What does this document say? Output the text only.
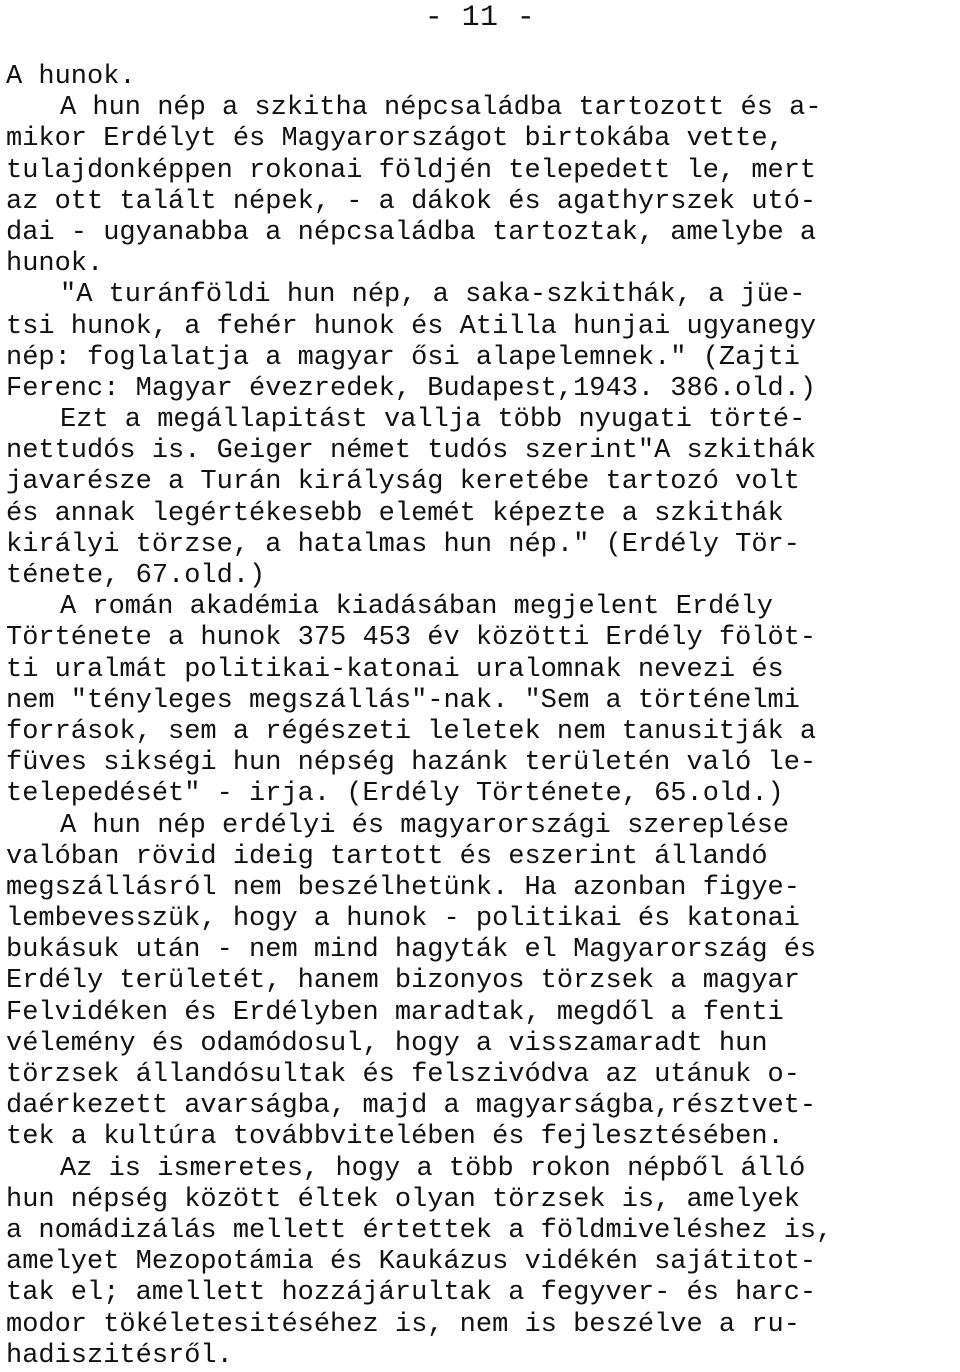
- 11 -
A hunok.
A hun nép a szkitha népcsaládba tartozott és a-
mikor Erdélyt és Magyarországot birtokába vette,
tulajdonképpen rokonai földjén telepedett le, mert
az ott talált népek, - a dákok és agathyrszek utó-
dai - ugyanabba a népcsaládba tartoztak, amelybe a
hunok.
"A turánföldi hun nép, a saka-szkithák, a jüe-
tsi hunok, a fehér hunok és Atilla hunjai ugyanegy
nép: foglalatja a magyar ősi alapelemnek." (Zajti
Ferenc: Magyar évezredek, Budapest,1943. 386.old.)
Ezt a megállapitást vallja több nyugati törté-
nettudós is. Geiger német tudós szerint"A szkithák
javarésze a Turán királyság keretébe tartozó volt
és annak legértékesebb elemét képezte a szkithák
királyi törzse, a hatalmas hun nép." (Erdély Tör-
ténete, 67.old.)
A román akadémia kiadásában megjelent Erdély
Története a hunok 375 453 év közötti Erdély fölöt-
ti uralmát politikai-katonai uralomnak nevezi és
nem "tényleges megszállás"-nak. "Sem a történelmi
források, sem a régészeti leletek nem tanusitják a
füves sikségi hun népség hazánk területén való le-
telepedését" - irja. (Erdély Története, 65.old.)
A hun nép erdélyi és magyarországi szereplése
valóban rövid ideig tartott és eszerint állandó
megszállásról nem beszélhetünk. Ha azonban figye-
lembevesszük, hogy a hunok - politikai és katonai
bukásuk után - nem mind hagyták el Magyarország és
Erdély területét, hanem bizonyos törzsek a magyar
Felvidéken és Erdélyben maradtak, megdől a fenti
vélemény és odamódosul, hogy a visszamaradt hun
törzsek állandósultak és felszivódva az utánuk o-
daérkezett avarságba, majd a magyarságba,résztvet-
tek a kultúra továbbvitelében és fejlesztésében.
Az is ismeretes, hogy a több rokon népből álló
hun népség között éltek olyan törzsek is, amelyek
a nomádizálás mellett értettek a földmiveléshez is,
amelyet Mezopotámia és Kaukázus vidékén sajátitot-
tak el; amellett hozzájárultak a fegyver- és harc-
modor tökéletesitéséhez is, nem is beszélve a ru-
hadiszitésről.
